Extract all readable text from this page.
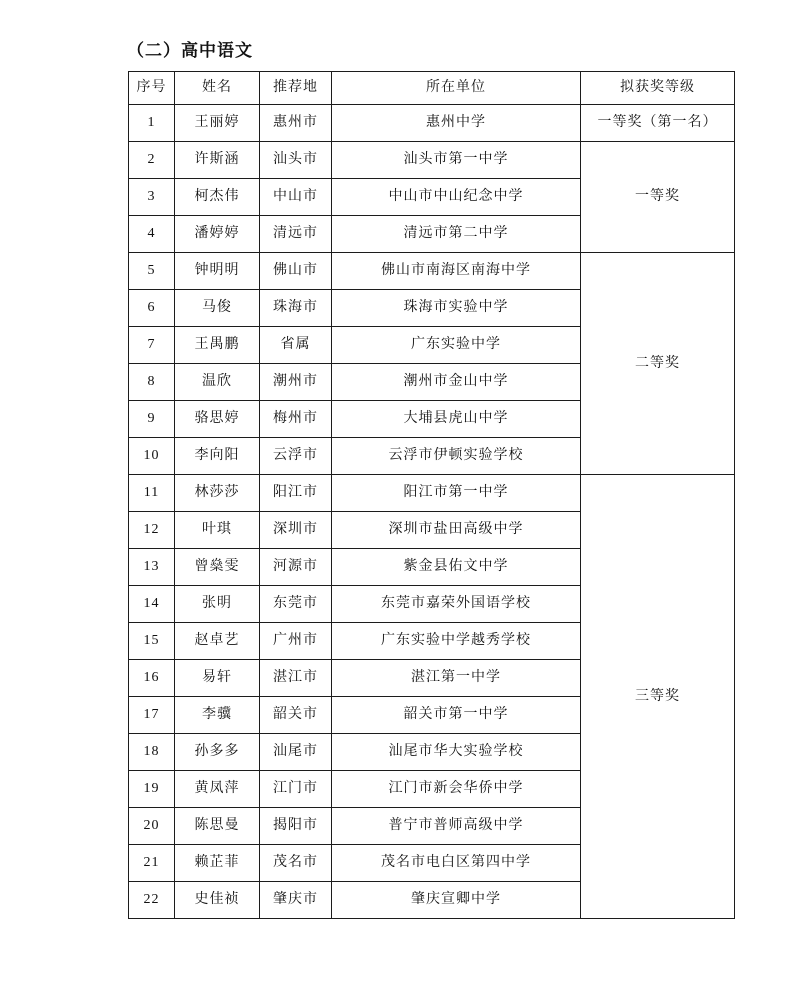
（二）高中语文
序号	姓名	推荐地	所在单位	拟获奖等级
1	王丽婷	惠州市	惠州中学	一等奖（第一名）
2	许斯涵	汕头市	汕头市第一中学	一等奖
3	柯杰伟	中山市	中山市中山纪念中学	
4	潘婷婷	清远市	清远市第二中学	
5	钟明明	佛山市	佛山市南海区南海中学	二等奖
6	马俊	珠海市	珠海市实验中学	
7	王禺鹏	省属	广东实验中学	
8	温欣	潮州市	潮州市金山中学	
9	骆思婷	梅州市	大埔县虎山中学	
10	李向阳	云浮市	云浮市伊顿实验学校	
11	林莎莎	阳江市	阳江市第一中学	三等奖
12	叶琪	深圳市	深圳市盐田高级中学	
13	曾燊雯	河源市	紫金县佑文中学	
14	张明	东莞市	东莞市嘉荣外国语学校	
15	赵卓艺	广州市	广东实验中学越秀学校	
16	易轩	湛江市	湛江第一中学	
17	李骥	韶关市	韶关市第一中学	
18	孙多多	汕尾市	汕尾市华大实验学校	
19	黄凤萍	江门市	江门市新会华侨中学	
20	陈思曼	揭阳市	普宁市普师高级中学	
21	赖芷菲	茂名市	茂名市电白区第四中学	
22	史佳祯	肇庆市	肇庆宣卿中学	
